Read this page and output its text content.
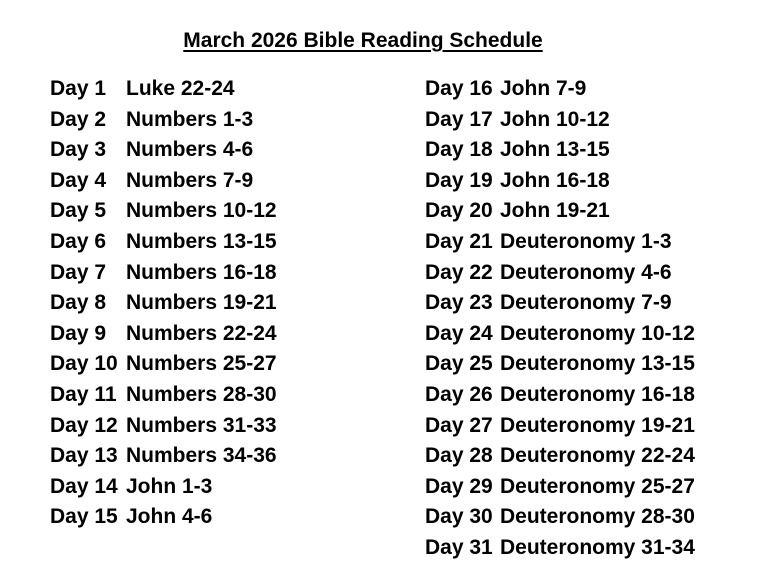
March 2026 Bible Reading Schedule
Day 1 Luke 22-24
Day 2 Numbers 1-3
Day 3 Numbers 4-6
Day 4 Numbers 7-9
Day 5 Numbers 10-12
Day 6 Numbers 13-15
Day 7 Numbers 16-18
Day 8 Numbers 19-21
Day 9 Numbers 22-24
Day 10 Numbers 25-27
Day 11 Numbers 28-30
Day 12 Numbers 31-33
Day 13 Numbers 34-36
Day 14 John 1-3
Day 15 John 4-6
Day 16 John 7-9
Day 17 John 10-12
Day 18 John 13-15
Day 19 John 16-18
Day 20 John 19-21
Day 21 Deuteronomy 1-3
Day 22 Deuteronomy 4-6
Day 23 Deuteronomy 7-9
Day 24 Deuteronomy 10-12
Day 25 Deuteronomy 13-15
Day 26 Deuteronomy 16-18
Day 27 Deuteronomy 19-21
Day 28 Deuteronomy 22-24
Day 29 Deuteronomy 25-27
Day 30 Deuteronomy 28-30
Day 31 Deuteronomy 31-34
